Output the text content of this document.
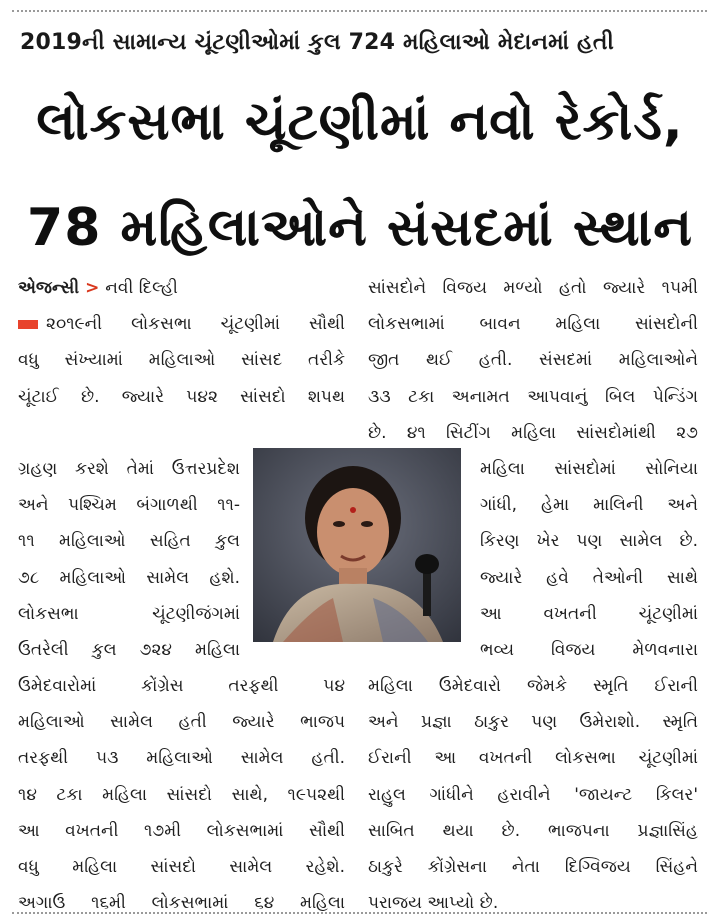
2019ની સામાન્ય ચૂંટણીઓમાં કુલ 724 મહિલાઓ મેદાનમાં હતી
લોકસભા ચૂંટણીમાં નવો રેકોર્ડ,
78 મહિલાઓને સંસદમાં સ્થાન
એજન્સી > નવી દિલ્હી
૨૦૧૯ની લોકસભા ચૂંટણીમાં સૌથી
વધુ સંખ્યામાં મહિલાઓ સાંસદ તરીકે
ચૂંટાઈ છે. જ્યારે ૫૪૨ સાંસદો શપથ
ગ્રહણ કરશે તેમાં ઉત્તરપ્રદેશ
અને પશ્ચિમ બંગાળથી ૧૧-
૧૧ મહિલાઓ સહિત કુલ
૭૮ મહિલાઓ સામેલ હશે.
લોકસભા ચૂંટણીજંગમાં
ઉતરેલી કુલ ૭૨૪ મહિલા
ઉમેદવારોમાં કોંગ્રેસ તરફથી ૫૪
મહિલાઓ સામેલ હતી જ્યારે ભાજપ
તરફથી ૫૩ મહિલાઓ સામેલ હતી.
૧૪ ટકા મહિલા સાંસદો સાથે, ૧૯૫૨થી
આ વખતની ૧૭મી લોકસભામાં સૌથી
વધુ મહિલા સાંસદો સામેલ રહેશે.
અગાઉ ૧૬મી લોકસભામાં ૬૪ મહિલા
સાંસદોને વિજય મળ્યો હતો જ્યારે ૧૫મી
લોકસભામાં બાવન મહિલા સાંસદોની
જીત થઈ હતી. સંસદમાં મહિલાઓને
૩૩ ટકા અનામત આપવાનું બિલ પેન્ડિંગ
છે. ૪૧ સિટીંગ મહિલા સાંસદોમાંથી ૨૭
મહિલા સાંસદોમાં સોનિયા
ગાંધી, હેમા માલિની અને
કિરણ ખેર પણ સામેલ છે.
જ્યારે હવે તેઓની સાથે
આ વખતની ચૂંટણીમાં
ભવ્ય વિજય મેળવનારા
મહિલા ઉમેદવારો જેમકે સ્મૃતિ ઈરાની
અને પ્રજ્ઞા ઠાકુર પણ ઉમેરાશો. સ્મૃતિ
ઈરાની આ વખતની લોકસભા ચૂંટણીમાં
રાહુલ ગાંધીને હરાવીને 'જાયન્ટ કિલર'
સાબિત થયા છે. ભાજપના પ્રજ્ઞાસિંહ
ઠાકુરે કોંગ્રેસના નેતા દિગ્વિજય સિંહને
પરાજય આપ્યો છે.
